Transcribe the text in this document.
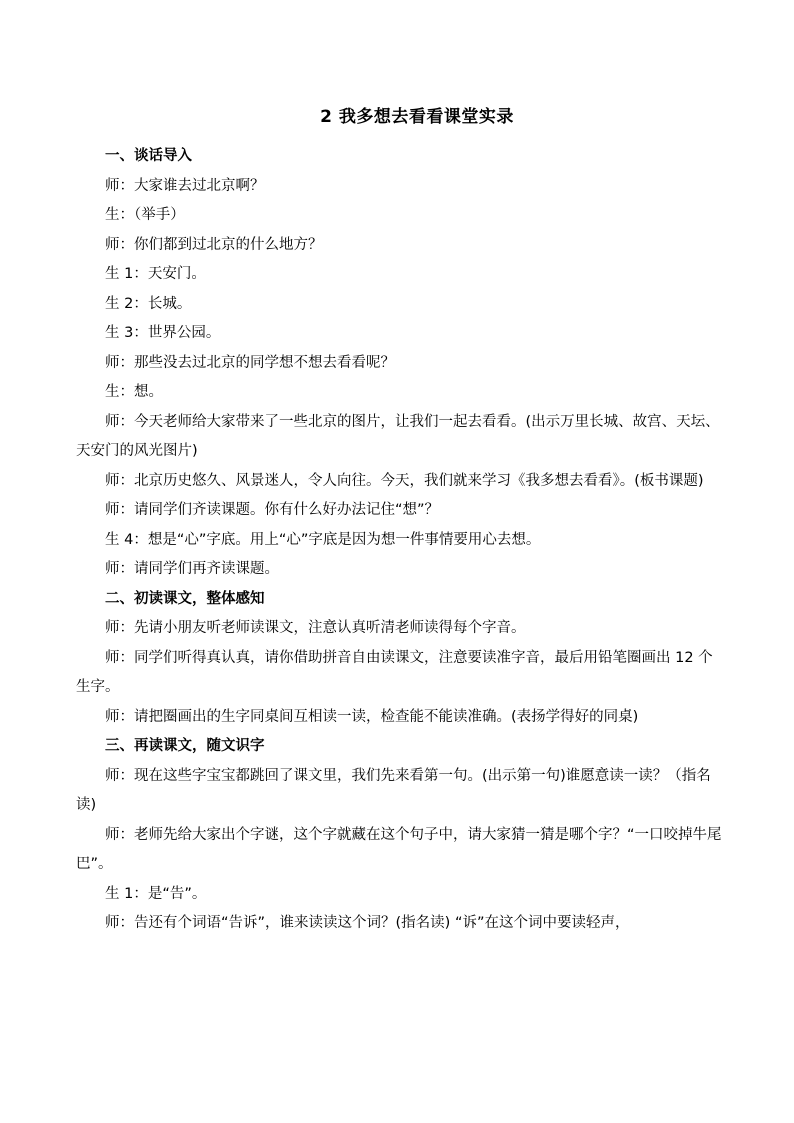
2 我多想去看看课堂实录

一、谈话导入

师：大家谁去过北京啊？

生：（举手）

师：你们都到过北京的什么地方？

生 1：天安门。

生 2：长城。

生 3：世界公园。

师：那些没去过北京的同学想不想去看看呢？

生：想。

师：今天老师给大家带来了一些北京的图片，让我们一起去看看。(出示万里长城、故宫、天坛、天安门的风光图片)

师：北京历史悠久、风景迷人，令人向往。今天，我们就来学习《我多想去看看》。(板书课题)

师：请同学们齐读课题。你有什么好办法记住“想”？

生 4：想是“心”字底。用上“心”字底是因为想一件事情要用心去想。

师：请同学们再齐读课题。

二、初读课文，整体感知

师：先请小朋友听老师读课文，注意认真听清老师读得每个字音。

师：同学们听得真认真，请你借助拼音自由读课文，注意要读准字音，最后用铅笔圈画出 12 个生字。

师：请把圈画出的生字同桌间互相读一读，检查能不能读准确。(表扬学得好的同桌)

三、再读课文，随文识字

师：现在这些字宝宝都跳回了课文里，我们先来看第一句。(出示第一句)谁愿意读一读？（指名读)

师：老师先给大家出个字谜，这个字就藏在这个句子中，请大家猜一猜是哪个字？“一口咬掉牛尾巴”。

生 1：是“告”。

师：告还有个词语“告诉”，谁来读读这个词？(指名读) “诉”在这个词中要读轻声，
